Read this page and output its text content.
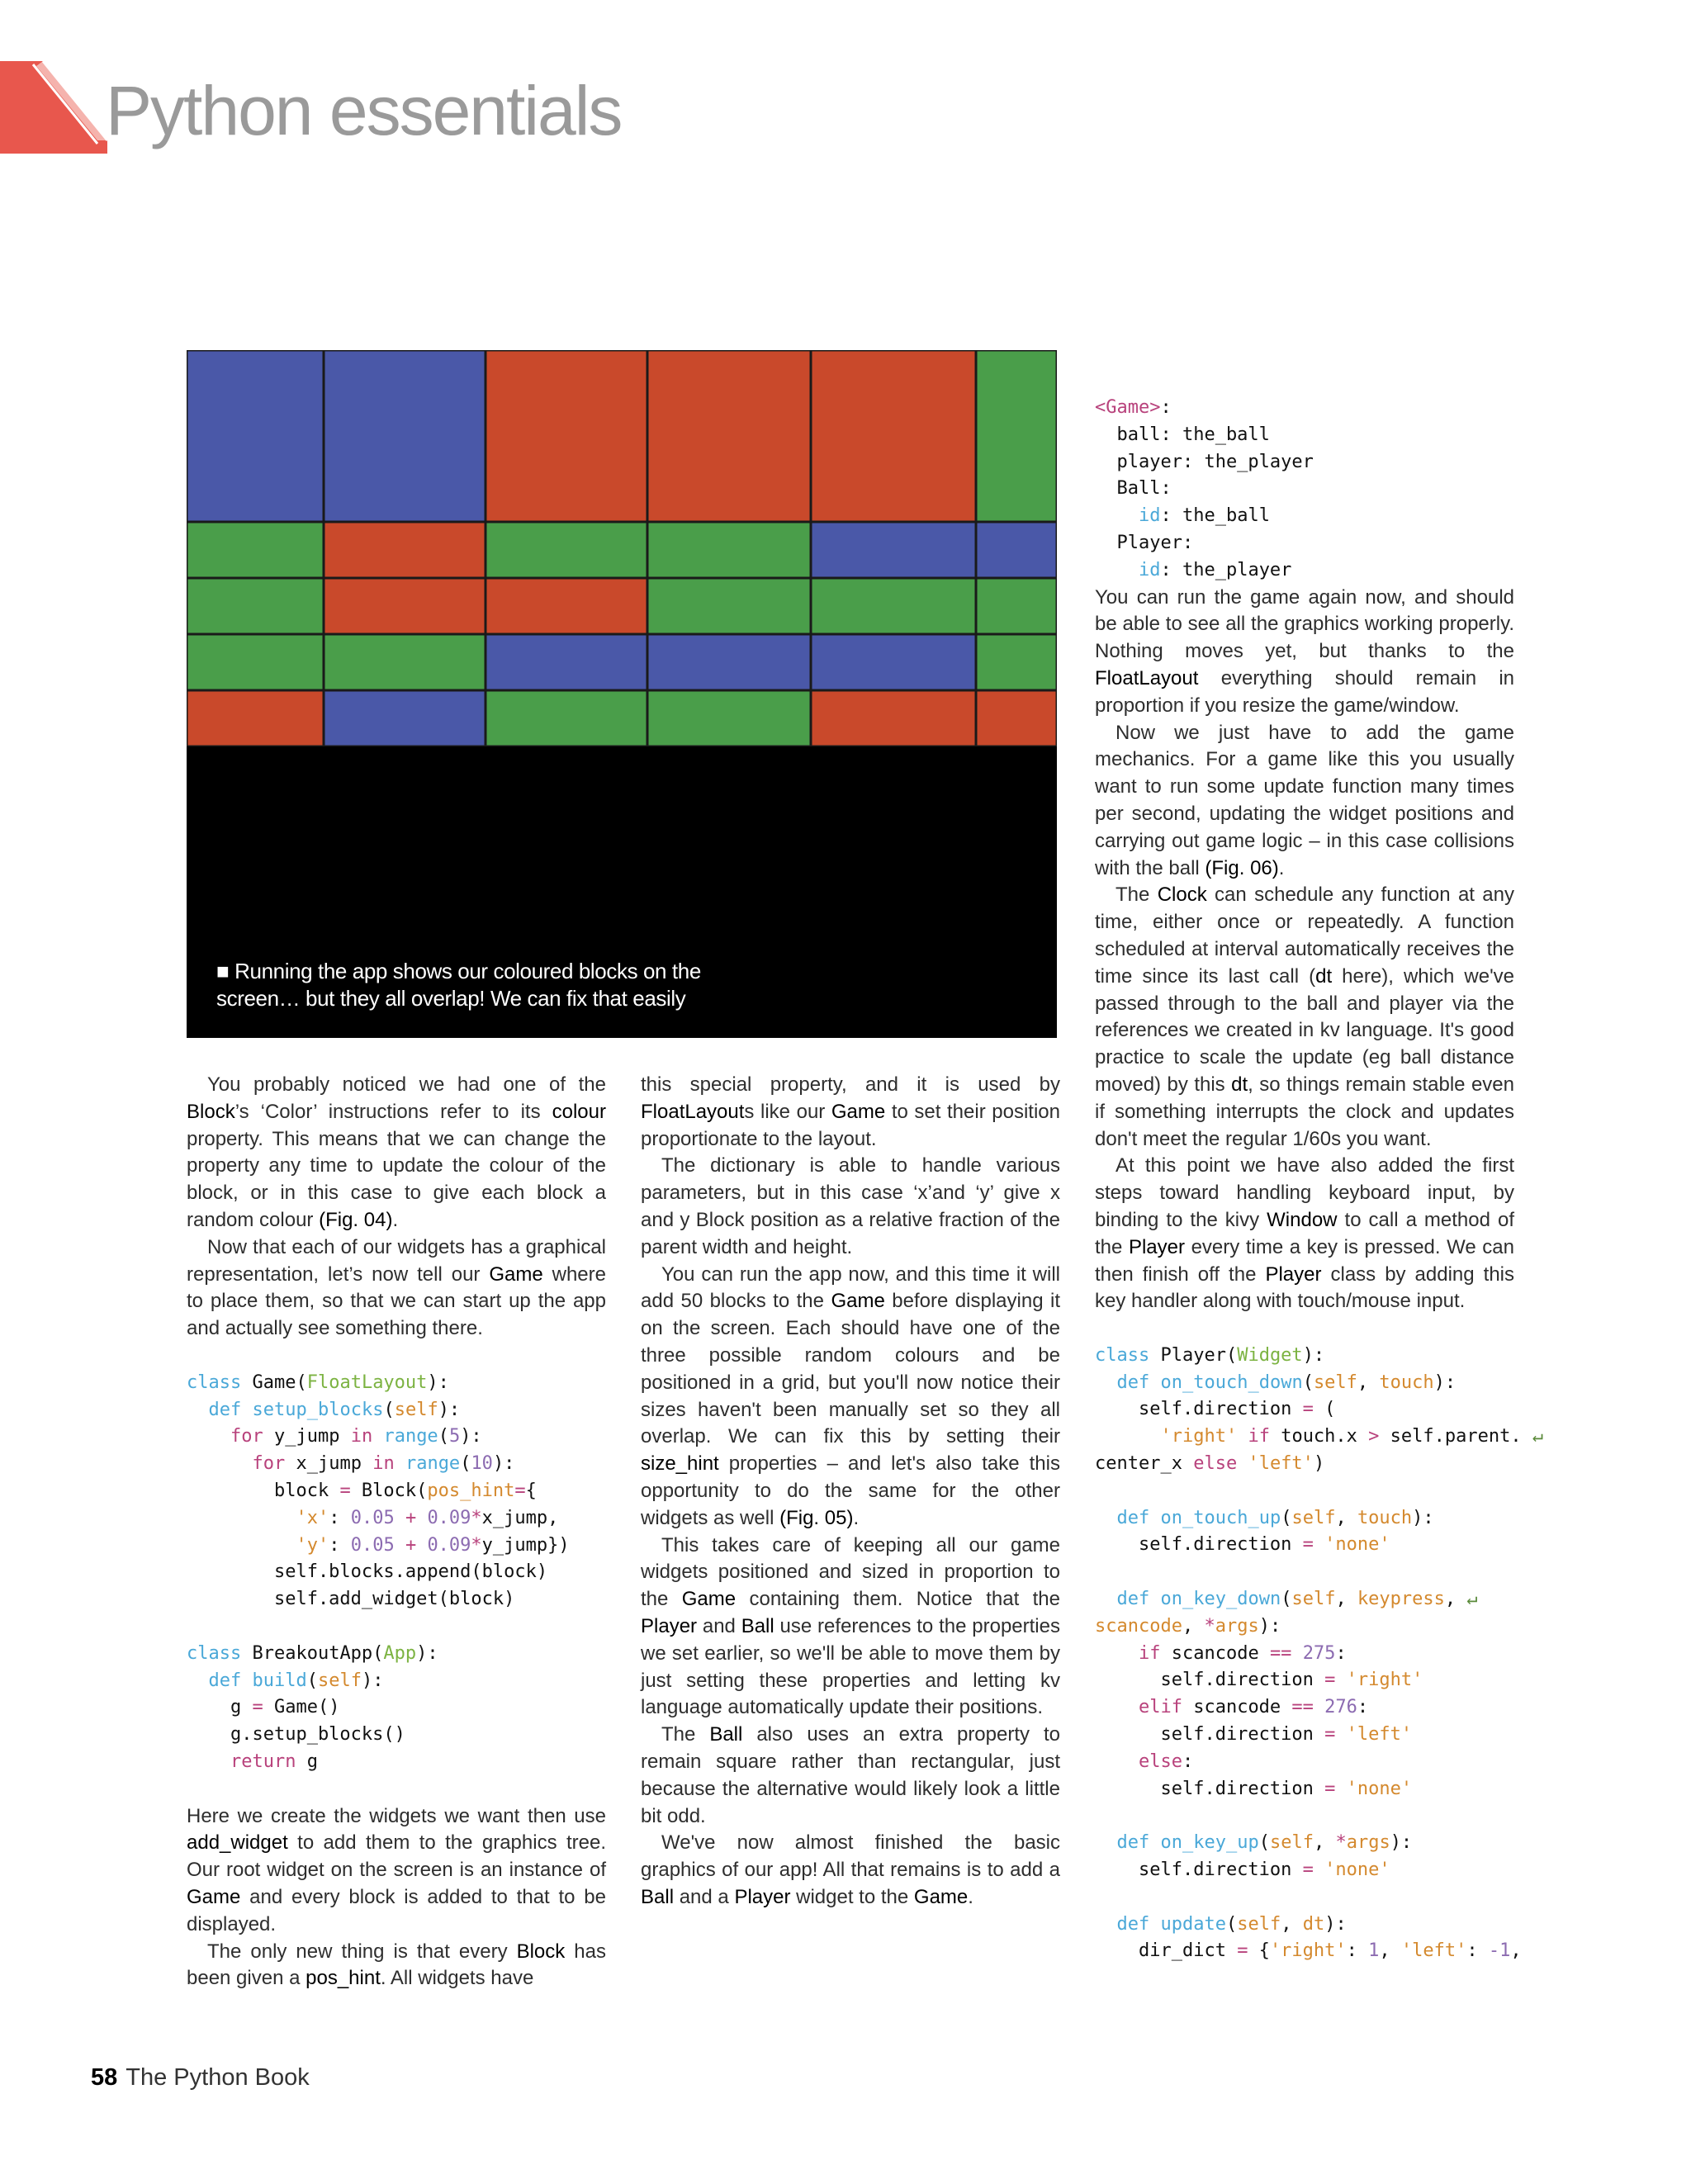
Python essentials
■ Running the app shows our coloured blocks on the
screen… but they all overlap! We can fix that easily

You probably noticed we had one of the Block’s ‘Color’ instructions refer to its colour property. This means that we can change the property any time to update the colour of the block, or in this case to give each block a random colour (Fig. 04).

Now that each of our widgets has a graphical representation, let’s now tell our Game where to place them, so that we can start up the app and actually see something there.

class Game(FloatLayout):
def setup_blocks(self):
for y_jump in range(5):
for x_jump in range(10):
block = Block(pos_hint={
'x': 0.05 + 0.09*x_jump,
'y': 0.05 + 0.09*y_jump})
self.blocks.append(block)
self.add_widget(block)
class BreakoutApp(App):
def build(self):
g = Game()
g.setup_blocks()
return g

Here we create the widgets we want then use add_widget to add them to the graphics tree. Our root widget on the screen is an instance of Game and every block is added to that to be displayed.

The only new thing is that every Block has been given a pos_hint. All widgets have

this special property, and it is used by FloatLayouts like our Game to set their position proportionate to the layout.

The dictionary is able to handle various parameters, but in this case ‘x’and ‘y’ give x and y Block position as a relative fraction of the parent width and height.

You can run the app now, and this time it will add 50 blocks to the Game before displaying it on the screen. Each should have one of the three possible random colours and be positioned in a grid, but you'll now notice their sizes haven't been manually set so they all overlap. We can fix this by setting their size_hint properties – and let's also take this opportunity to do the same for the other widgets as well (Fig. 05).

This takes care of keeping all our game widgets positioned and sized in proportion to the Game containing them. Notice that the Player and Ball use references to the properties we set earlier, so we'll be able to move them by just setting these properties and letting kv language automatically update their positions.

The Ball also uses an extra property to remain square rather than rectangular, just because the alternative would likely look a little bit odd.

We've now almost finished the basic graphics of our app! All that remains is to add a Ball and a Player widget to the Game.

<Game>:
ball: the_ball
player: the_player
Ball:
id: the_ball
Player:
id: the_player

You can run the game again now, and should be able to see all the graphics working properly. Nothing moves yet, but thanks to the FloatLayout everything should remain in proportion if you resize the game/window.

Now we just have to add the game mechanics. For a game like this you usually want to run some update function many times per second, updating the widget positions and carrying out game logic – in this case collisions with the ball (Fig. 06).

The Clock can schedule any function at any time, either once or repeatedly. A function scheduled at interval automatically receives the time since its last call (dt here), which we've passed through to the ball and player via the references we created in kv language. It's good practice to scale the update (eg ball distance moved) by this dt, so things remain stable even if something interrupts the clock and updates don't meet the regular 1/60s you want.

At this point we have also added the first steps toward handling keyboard input, by binding to the kivy Window to call a method of the Player every time a key is pressed. We can then finish off the Player class by adding this key handler along with touch/mouse input.

class Player(Widget):
def on_touch_down(self, touch):
self.direction = (
'right' if touch.x > self.parent. ↵
center_x else 'left')
def on_touch_up(self, touch):
self.direction = 'none'
def on_key_down(self, keypress, ↵
scancode, *args):
if scancode == 275:
self.direction = 'right'
elif scancode == 276:
self.direction = 'left'
else:
self.direction = 'none'
def on_key_up(self, *args):
self.direction = 'none'
def update(self, dt):
dir_dict = {'right': 1, 'left': -1,
58 The Python Book
